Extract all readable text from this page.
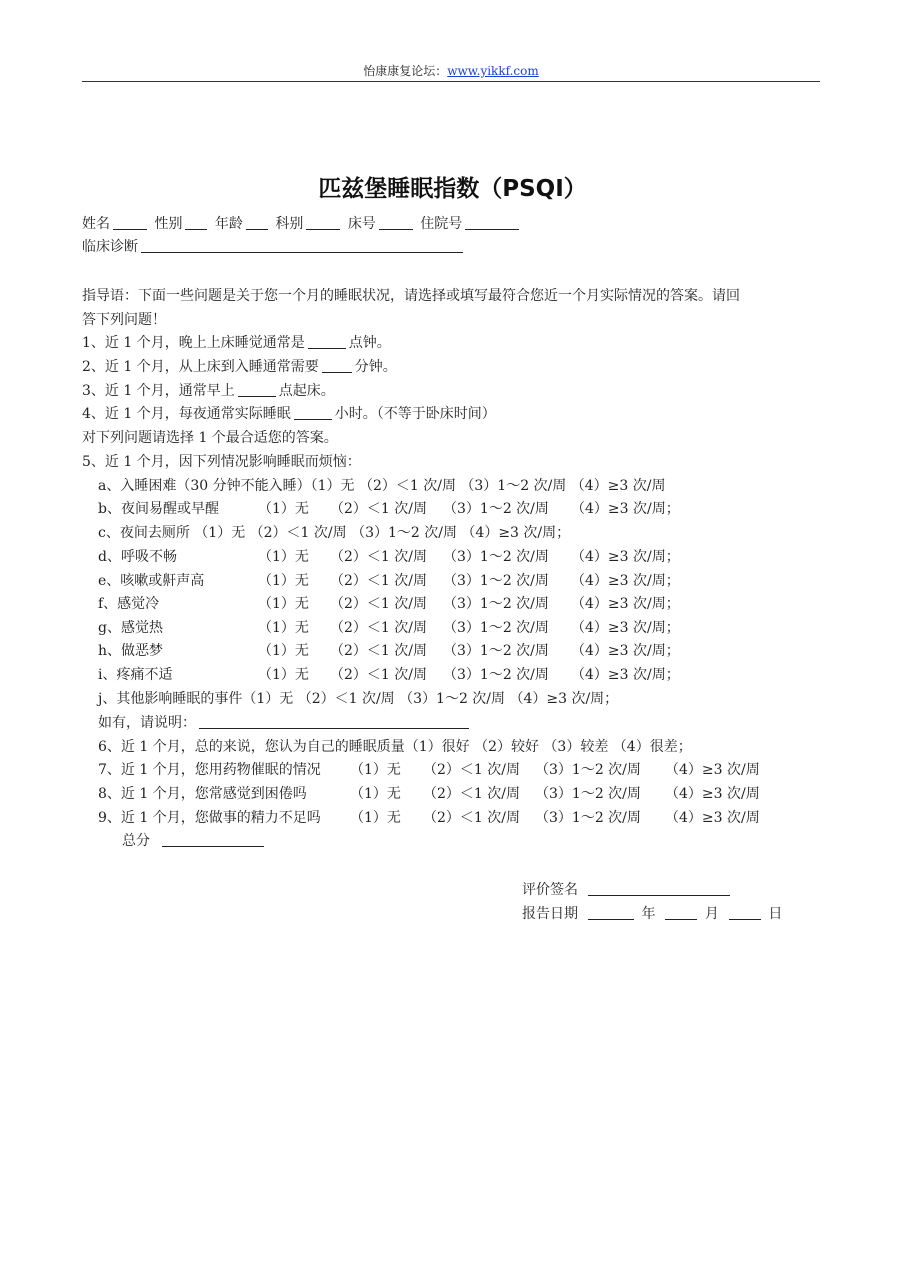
怡康康复论坛：www.yikkf.com
匹兹堡睡眠指数（PSQI）
姓名	性别 年龄 科别	床号	住院号
临床诊断
指导语：下面一些问题是关于您一个月的睡眠状况，请选择或填写最符合您近一个月实际情况的答案。请回
答下列问题！
1、近 1 个月，晚上上床睡觉通常是	点钟。
2、近 1 个月，从上床到入睡通常需要	分钟。
3、近 1 个月，通常早上	点起床。
4、近 1 个月，每夜通常实际睡眠	小时。（不等于卧床时间）
对下列问题请选择 1 个最合适您的答案。
5、近 1 个月，因下列情况影响睡眠而烦恼：
a、入睡困难（30 分钟不能入睡）（1）无 （2）＜1 次/周 （3）1～2 次/周 （4）≥3 次/周
b、夜间易醒或早醒	（1）无 （2）＜1 次/周 （3）1～2 次/周 （4）≥3 次/周；
c、夜间去厕所 （1）无 （2）＜1 次/周 （3）1～2 次/周 （4）≥3 次/周；
d、呼吸不畅	（1）无 （2）＜1 次/周 （3）1～2 次/周 （4）≥3 次/周；
e、咳嗽或鼾声高	（1）无 （2）＜1 次/周 （3）1～2 次/周 （4）≥3 次/周；
f、感觉冷	（1）无 （2）＜1 次/周 （3）1～2 次/周 （4）≥3 次/周；
g、感觉热	（1）无 （2）＜1 次/周 （3）1～2 次/周 （4）≥3 次/周；
h、做恶梦	（1）无 （2）＜1 次/周 （3）1～2 次/周 （4）≥3 次/周；
i、疼痛不适	（1）无 （2）＜1 次/周 （3）1～2 次/周 （4）≥3 次/周；
j、其他影响睡眠的事件（1）无 （2）＜1 次/周 （3）1～2 次/周 （4）≥3 次/周；
如有，请说明：
6、近 1 个月，总的来说，您认为自己的睡眠质量（1）很好 （2）较好 （3）较差 （4）很差；
7、近 1 个月，您用药物催眠的情况 （1）无 （2）＜1 次/周 （3）1～2 次/周 （4）≥3 次/周
8、近 1 个月，您常感觉到困倦吗	（1）无 （2）＜1 次/周 （3）1～2 次/周 （4）≥3 次/周
9、近 1 个月，您做事的精力不足吗 （1）无 （2）＜1 次/周 （3）1～2 次/周 （4）≥3 次/周
总分
评价签名
报告日期	年	月	日
